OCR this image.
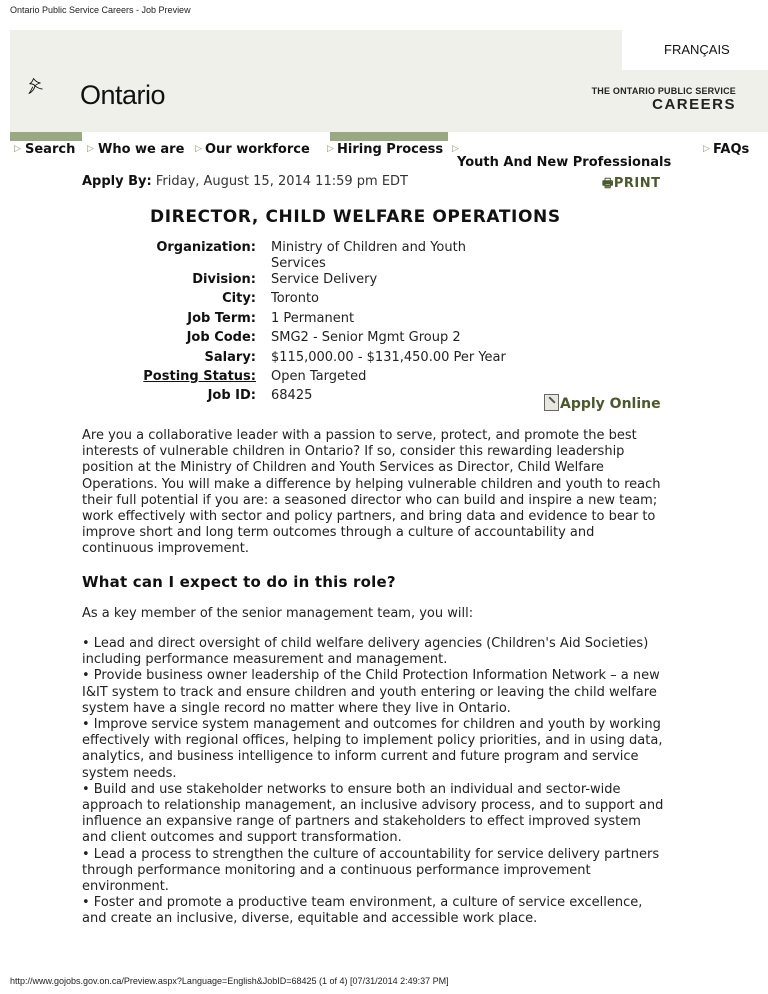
Ontario Public Service Careers - Job Preview
FRANÇAIS
Ontario	THE ONTARIO PUBLIC SERVICE
CAREERS
▷ Search ▷ Who we are ▷ Our workforce ▷ Hiring Process ▷
Youth And New Professionals
▷ FAQs
Apply By: Friday, August 15, 2014 11:59 pm EDT	🖶PRINT
DIRECTOR, CHILD WELFARE OPERATIONS
Organization:	Ministry of Children and Youth Services
Division:	Service Delivery
City:	Toronto
Job Term:	1 Permanent
Job Code:	SMG2 - Senior Mgmt Group 2
Salary:	$115,000.00 - $131,450.00 Per Year
Posting Status:	Open Targeted
Job ID:	68425
Apply Online

Are you a collaborative leader with a passion to serve, protect, and promote the best interests of vulnerable children in Ontario? If so, consider this rewarding leadership position at the Ministry of Children and Youth Services as Director, Child Welfare Operations. You will make a difference by helping vulnerable children and youth to reach their full potential if you are: a seasoned director who can build and inspire a new team; work effectively with sector and policy partners, and bring data and evidence to bear to improve short and long term outcomes through a culture of accountability and continuous improvement.

What can I expect to do in this role?

As a key member of the senior management team, you will:

• Lead and direct oversight of child welfare delivery agencies (Children's Aid Societies) including performance measurement and management.

• Provide business owner leadership of the Child Protection Information Network – a new I&IT system to track and ensure children and youth entering or leaving the child welfare system have a single record no matter where they live in Ontario.

• Improve service system management and outcomes for children and youth by working effectively with regional offices, helping to implement policy priorities, and in using data, analytics, and business intelligence to inform current and future program and service system needs.

• Build and use stakeholder networks to ensure both an individual and sector-wide approach to relationship management, an inclusive advisory process, and to support and influence an expansive range of partners and stakeholders to effect improved system and client outcomes and support transformation.

• Lead a process to strengthen the culture of accountability for service delivery partners through performance monitoring and a continuous performance improvement environment.

• Foster and promote a productive team environment, a culture of service excellence, and create an inclusive, diverse, equitable and accessible work place.

http://www.gojobs.gov.on.ca/Preview.aspx?Language=English&JobID=68425 (1 of 4) [07/31/2014 2:49:37 PM]
